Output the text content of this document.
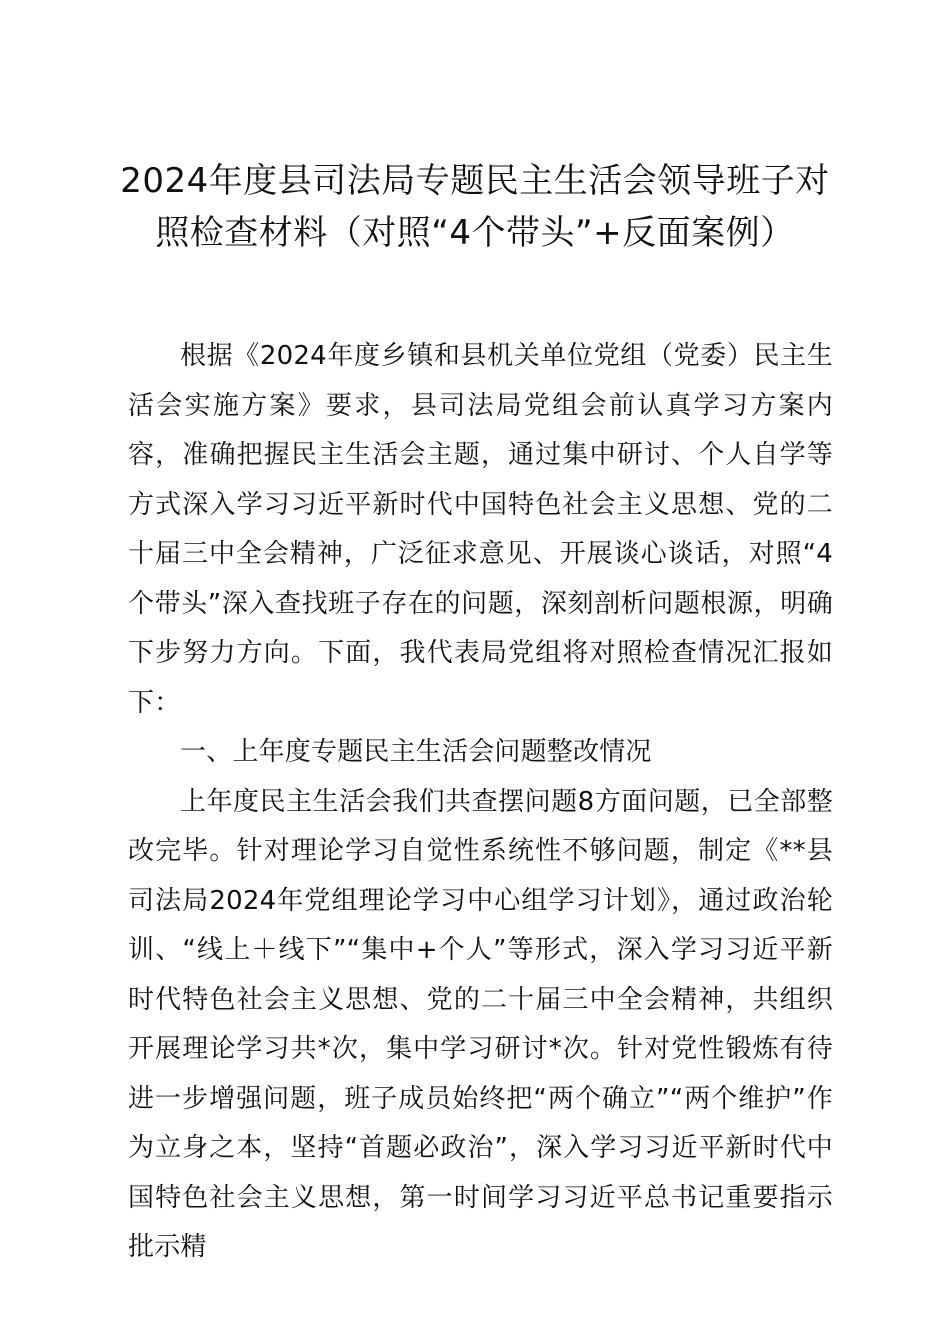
2024年度县司法局专题民主生活会领导班子对照检查材料（对照“4个带头”+反面案例）

根据《2024年度乡镇和县机关单位党组（党委）民主生活会实施方案》要求，县司法局党组会前认真学习方案内容，准确把握民主生活会主题，通过集中研讨、个人自学等方式深入学习习近平新时代中国特色社会主义思想、党的二十届三中全会精神，广泛征求意见、开展谈心谈话，对照“4个带头”深入查找班子存在的问题，深刻剖析问题根源，明确下步努力方向。下面，我代表局党组将对照检查情况汇报如下：

一、上年度专题民主生活会问题整改情况

上年度民主生活会我们共查摆问题8方面问题，已全部整改完毕。针对理论学习自觉性系统性不够问题，制定《**县司法局2024年党组理论学习中心组学习计划》，通过政治轮训、“线上＋线下”“集中+个人”等形式，深入学习习近平新时代特色社会主义思想、党的二十届三中全会精神，共组织开展理论学习共*次，集中学习研讨*次。针对党性锻炼有待进一步增强问题，班子成员始终把“两个确立”“两个维护”作为立身之本，坚持“首题必政治”，深入学习习近平新时代中国特色社会主义思想，第一时间学习习近平总书记重要指示批示精
